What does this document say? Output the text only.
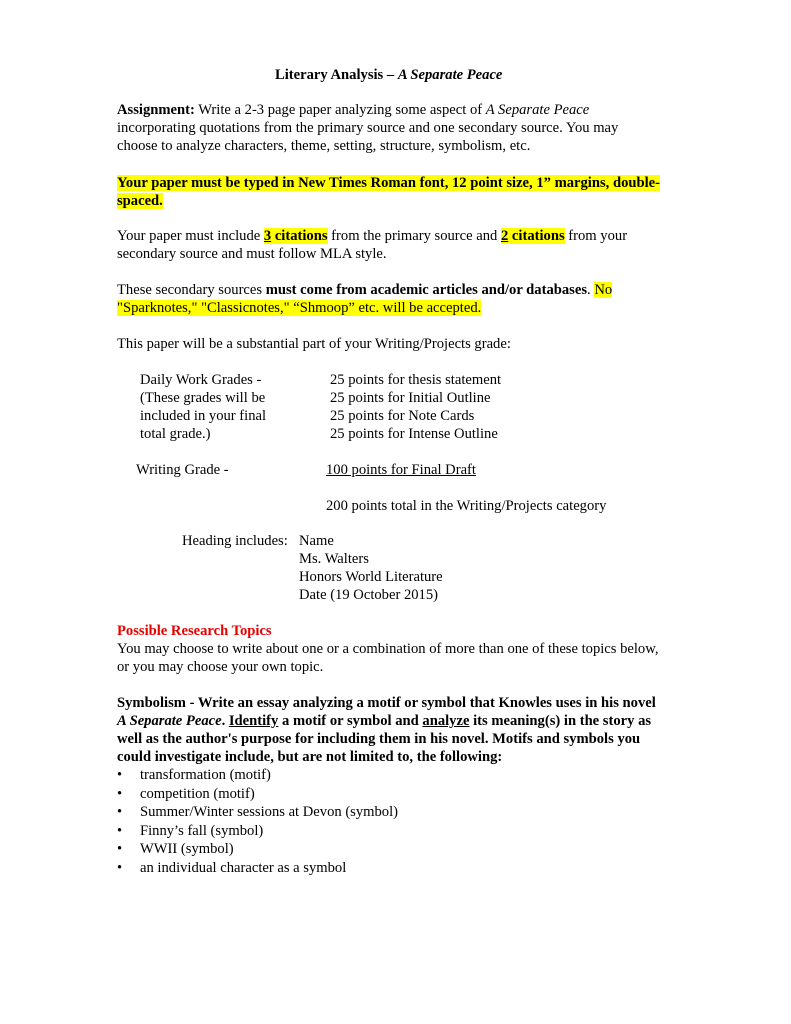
Literary Analysis – A Separate Peace
Assignment: Write a 2-3 page paper analyzing some aspect of A Separate Peace
incorporating quotations from the primary source and one secondary source. You may
choose to analyze characters, theme, setting, structure, symbolism, etc.
Your paper must be typed in New Times Roman font, 12 point size, 1” margins, double-
spaced.
Your paper must include 3 citations from the primary source and 2 citations from your
secondary source and must follow MLA style.
These secondary sources must come from academic articles and/or databases. No
"Sparknotes," "Classicnotes," “Shmoop” etc. will be accepted.
This paper will be a substantial part of your Writing/Projects grade:
Daily Work Grades -
(These grades will be
included in your final
total grade.)
25 points for thesis statement
25 points for Initial Outline
25 points for Note Cards
25 points for Intense Outline
Writing Grade -	100 points for Final Draft
200 points total in the Writing/Projects category
Heading includes: Name
Ms. Walters
Honors World Literature
Date (19 October 2015)
Possible Research Topics
You may choose to write about one or a combination of more than one of these topics below,
or you may choose your own topic.
Symbolism - Write an essay analyzing a motif or symbol that Knowles uses in his novel
A Separate Peace. Identify a motif or symbol and analyze its meaning(s) in the story as
well as the author's purpose for including them in his novel. Motifs and symbols you
could investigate include, but are not limited to, the following:
• transformation (motif)
• competition (motif)
• Summer/Winter sessions at Devon (symbol)
• Finny’s fall (symbol)
• WWII (symbol)
• an individual character as a symbol
